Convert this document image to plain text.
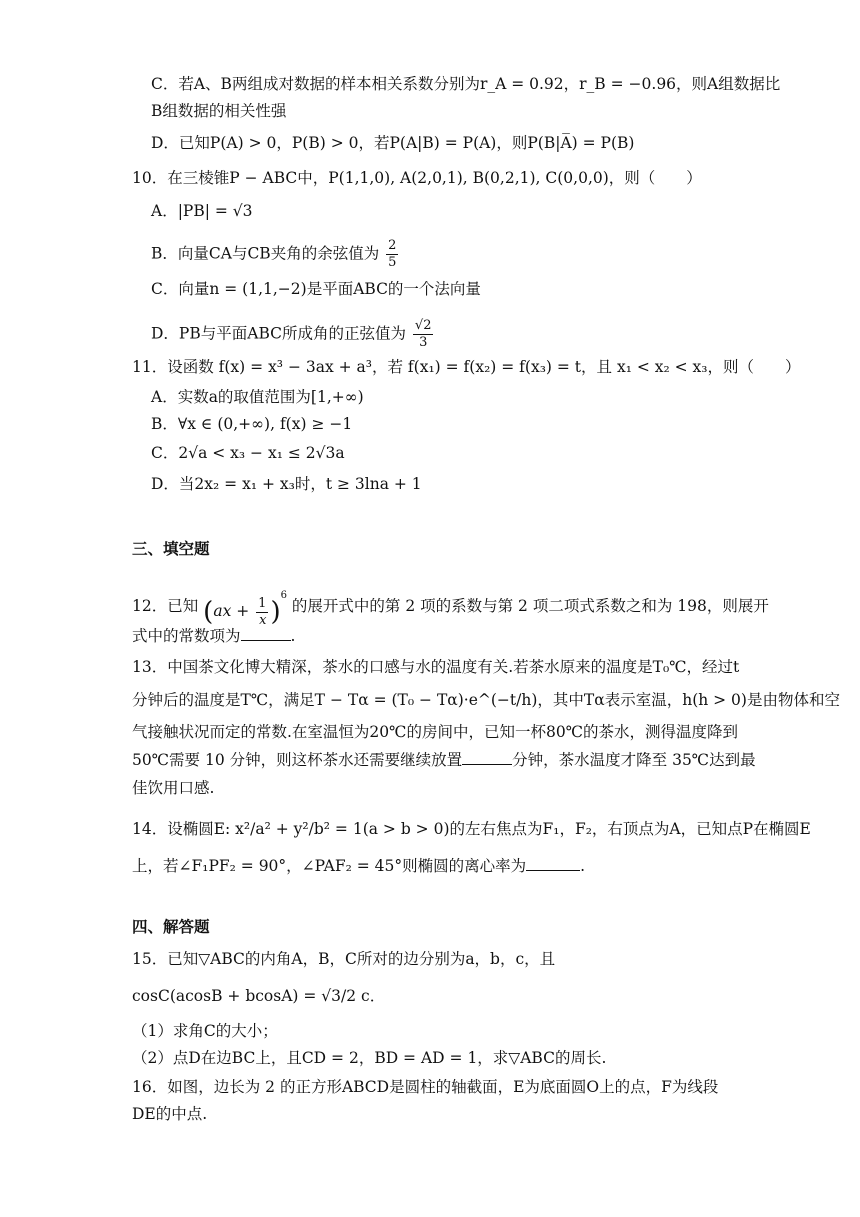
C．若A、B两组成对数据的样本相关系数分别为r_A = 0.92，r_B = −0.96，则A组数据比
B组数据的相关性强
D．已知P(A) > 0，P(B) > 0，若P(A|B) = P(A)，则P(B|A̅) = P(B)
10．在三棱锥P − ABC中，P(1,1,0), A(2,0,1), B(0,2,1), C(0,0,0)，则（　　）
A．|PB| = √3
B．向量CA与CB夹角的余弦值为 $\frac{2}{5}$
C．向量n = (1,1,−2)是平面ABC的一个法向量
D．PB与平面ABC所成角的正弦值为 $\frac{√2}{3}$
11．设函数 f(x) = x³ − 3ax + a³，若 f(x₁) = f(x₂) = f(x₃) = t，且 x₁ < x₂ < x₃，则（　　）
A．实数a的取值范围为[1,+∞)
B．∀x ∈ (0,+∞), f(x) ≥ −1
C．2√a < x₃ − x₁ ≤ 2√3a
D．当2x₂ = x₁ + x₃时，t ≥ 3lna + 1
三、填空题
12．已知 $(ax + \frac{1}{x} )^6$ 的展开式中的第 2 项的系数与第 2 项二项式系数之和为 198，则展开
式中的常数项为	.
13．中国茶文化博大精深，茶水的口感与水的温度有关.若茶水原来的温度是T₀℃，经过t
分钟后的温度是T℃，满足T − Tα = (T₀ − Tα)·e^(−t/h)，其中Tα表示室温，h(h > 0)是由物体和空
气接触状况而定的常数.在室温恒为20℃的房间中，已知一杯80℃的茶水，测得温度降到
50℃需要 10 分钟，则这杯茶水还需要继续放置	分钟，茶水温度才降至 35℃达到最
佳饮用口感.
14．设椭圆E: x²/a² + y²/b² = 1(a > b > 0)的左右焦点为F₁，F₂，右顶点为A，已知点P在椭圆E
上，若∠F₁PF₂ = 90°，∠PAF₂ = 45°则椭圆的离心率为	.
四、解答题
15．已知▽ABC的内角A，B，C所对的边分别为a，b，c，且
cosC(acosB + bcosA) = √3/2 c．
（1）求角C的大小；
（2）点D在边BC上，且CD = 2，BD = AD = 1，求▽ABC的周长.
16．如图，边长为 2 的正方形ABCD是圆柱的轴截面，E为底面圆O上的点，F为线段
DE的中点.
